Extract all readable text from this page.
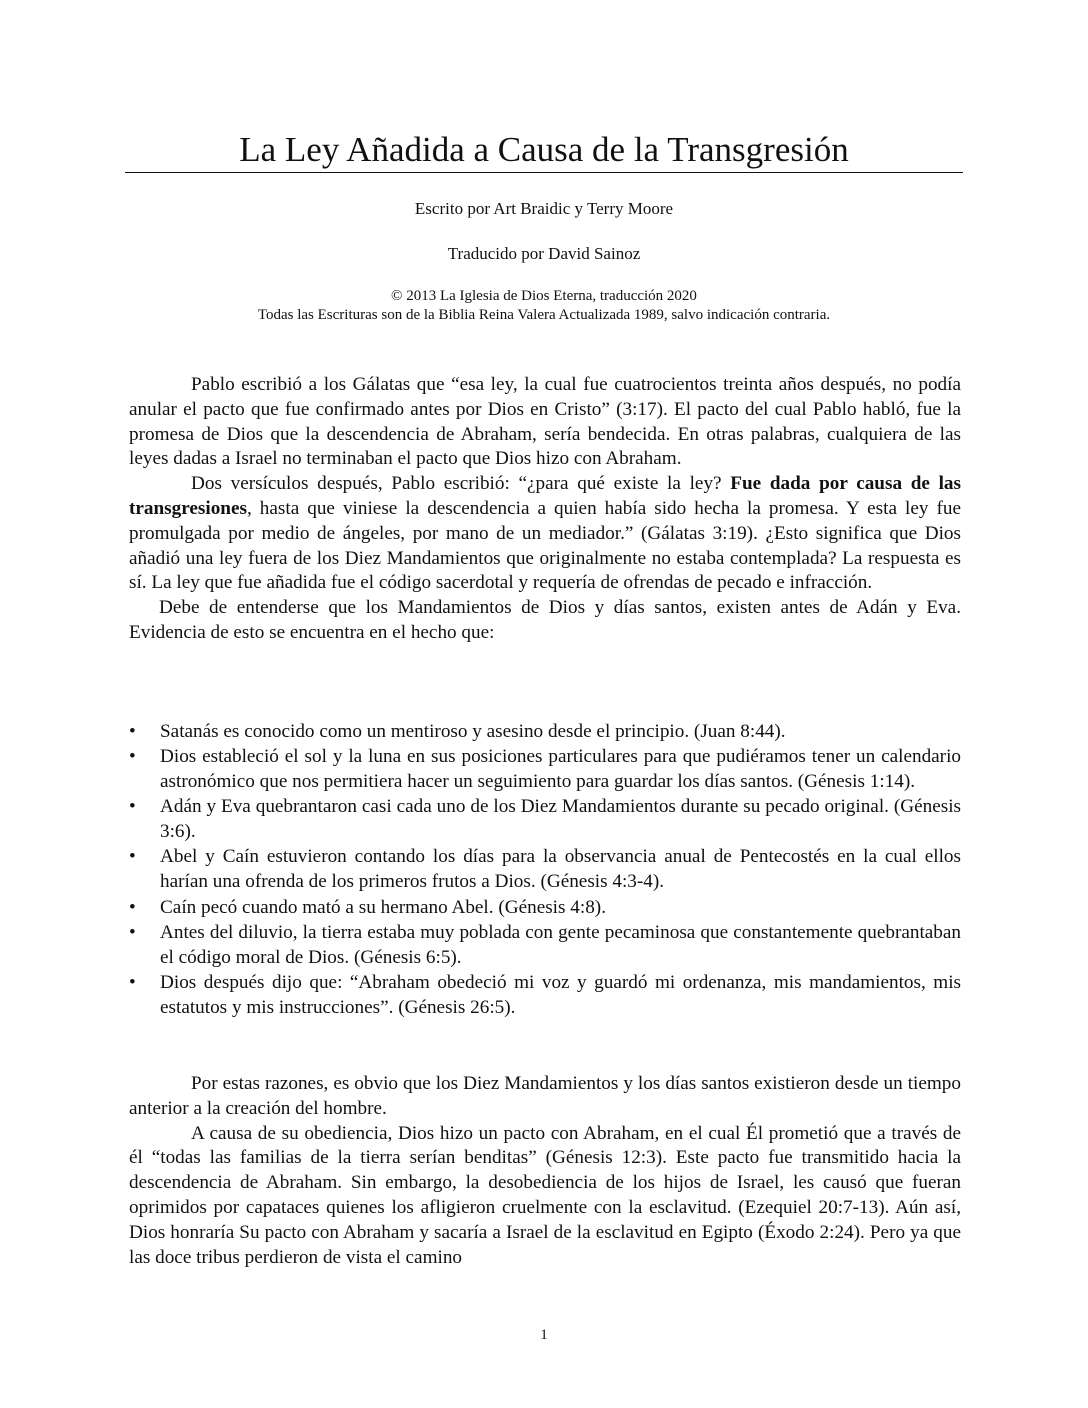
La Ley Añadida a Causa de la Transgresión
Escrito por Art Braidic y Terry Moore
Traducido por David Sainoz
© 2013 La Iglesia de Dios Eterna, traducción 2020
Todas las Escrituras son de la Biblia Reina Valera Actualizada 1989, salvo indicación contraria.

Pablo escribió a los Gálatas que “esa ley, la cual fue cuatrocientos treinta años después, no podía anular el pacto que fue confirmado antes por Dios en Cristo” (3:17). El pacto del cual Pablo habló, fue la promesa de Dios que la descendencia de Abraham, sería bendecida. En otras palabras, cualquiera de las leyes dadas a Israel no terminaban el pacto que Dios hizo con Abraham.

Dos versículos después, Pablo escribió: “¿para qué existe la ley? Fue dada por causa de las transgresiones, hasta que viniese la descendencia a quien había sido hecha la promesa. Y esta ley fue promulgada por medio de ángeles, por mano de un mediador.” (Gálatas 3:19). ¿Esto significa que Dios añadió una ley fuera de los Diez Mandamientos que originalmente no estaba contemplada? La respuesta es sí. La ley que fue añadida fue el código sacerdotal y requería de ofrendas de pecado e infracción.

Debe de entenderse que los Mandamientos de Dios y días santos, existen antes de Adán y Eva. Evidencia de esto se encuentra en el hecho que:

• Satanás es conocido como un mentiroso y asesino desde el principio. (Juan 8:44).
• Dios estableció el sol y la luna en sus posiciones particulares para que pudiéramos tener un calendario astronómico que nos permitiera hacer un seguimiento para guardar los días santos. (Génesis 1:14).
• Adán y Eva quebrantaron casi cada uno de los Diez Mandamientos durante su pecado original. (Génesis 3:6).
• Abel y Caín estuvieron contando los días para la observancia anual de Pentecostés en la cual ellos harían una ofrenda de los primeros frutos a Dios. (Génesis 4:3-4).
• Caín pecó cuando mató a su hermano Abel. (Génesis 4:8).
• Antes del diluvio, la tierra estaba muy poblada con gente pecaminosa que constantemente quebrantaban el código moral de Dios. (Génesis 6:5).
• Dios después dijo que: “Abraham obedeció mi voz y guardó mi ordenanza, mis mandamientos, mis estatutos y mis instrucciones”. (Génesis 26:5).

Por estas razones, es obvio que los Diez Mandamientos y los días santos existieron desde un tiempo anterior a la creación del hombre.

A causa de su obediencia, Dios hizo un pacto con Abraham, en el cual Él prometió que a través de él “todas las familias de la tierra serían benditas” (Génesis 12:3). Este pacto fue transmitido hacia la descendencia de Abraham. Sin embargo, la desobediencia de los hijos de Israel, les causó que fueran oprimidos por capataces quienes los afligieron cruelmente con la esclavitud. (Ezequiel 20:7-13). Aún así, Dios honraría Su pacto con Abraham y sacaría a Israel de la esclavitud en Egipto (Éxodo 2:24). Pero ya que las doce tribus perdieron de vista el camino

1
